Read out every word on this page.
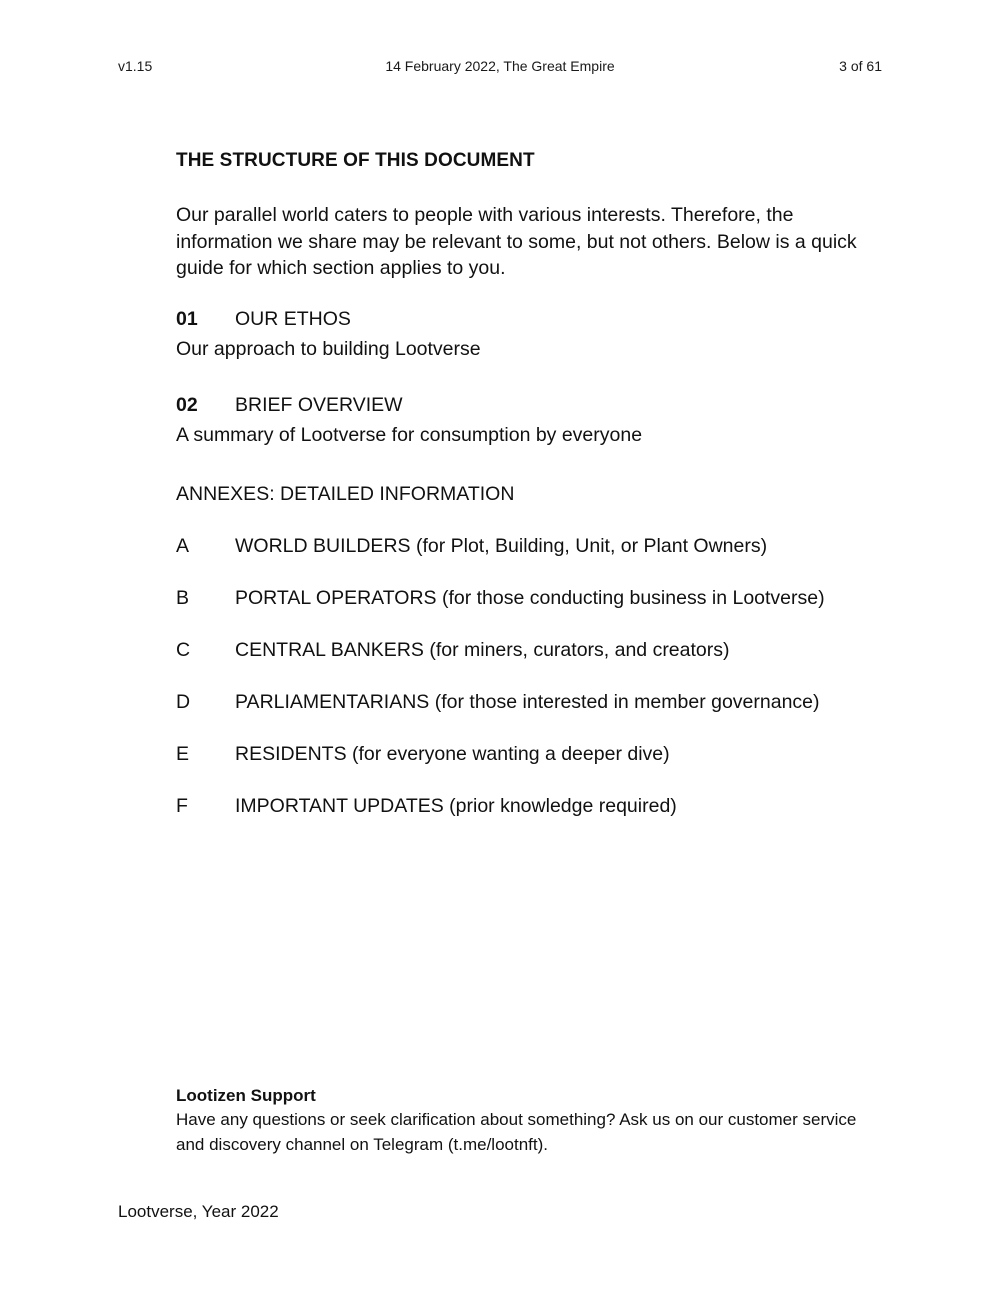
v1.15	14 February 2022, The Great Empire	3 of 61
THE STRUCTURE OF THIS DOCUMENT
Our parallel world caters to people with various interests. Therefore, the information we share may be relevant to some, but not others. Below is a quick guide for which section applies to you.
01 OUR ETHOS
Our approach to building Lootverse
02 BRIEF OVERVIEW
A summary of Lootverse for consumption by everyone
ANNEXES: DETAILED INFORMATION
A WORLD BUILDERS (for Plot, Building, Unit, or Plant Owners)
B PORTAL OPERATORS (for those conducting business in Lootverse)
C CENTRAL BANKERS (for miners, curators, and creators)
D PARLIAMENTARIANS (for those interested in member governance)
E RESIDENTS (for everyone wanting a deeper dive)
F IMPORTANT UPDATES (prior knowledge required)
Lootizen Support
Have any questions or seek clarification about something? Ask us on our customer service and discovery channel on Telegram (t.me/lootnft).
Lootverse, Year 2022
